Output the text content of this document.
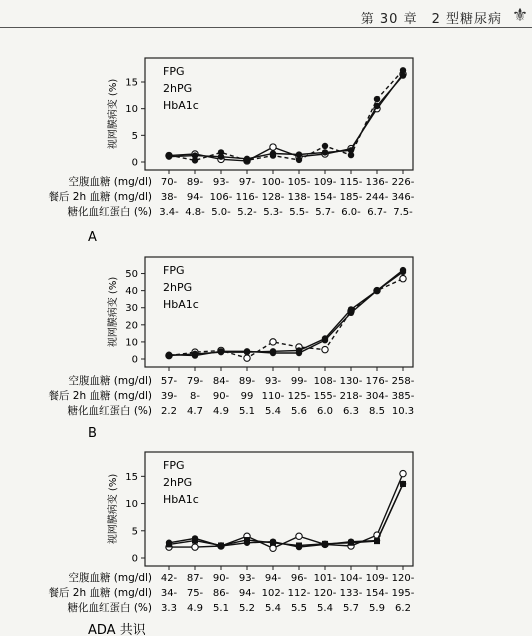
第 30 章　2 型糖尿病 ⚜
0
5
10
15
视网膜病变 (%)
FPG
2hPG
HbA1c
空腹血糖 (mg/dl) 70- 89- 93- 97- 100- 105- 109- 115- 136- 226-
餐后 2h 血糖 (mg/dl) 38- 94- 106- 116- 128- 138- 154- 185- 244- 346-
糖化血红蛋白 (%) 3.4- 4.8- 5.0- 5.2- 5.3- 5.5- 5.7- 6.0- 6.7- 7.5-
A
0
10
20
30
40
50
视网膜病变 (%)
FPG
2hPG
HbA1c
空腹血糖 (mg/dl) 57- 79- 84- 89- 93- 99- 108- 130- 176- 258-
餐后 2h 血糖 (mg/dl) 39- 8- 90- 99 110- 125- 155- 218- 304- 385-
糖化血红蛋白 (%) 2.2 4.7 4.9 5.1 5.4 5.6 6.0 6.3 8.5 10.3
B
0
5
10
15
视网膜病变 (%)
FPG
2hPG
HbA1c
空腹血糖 (mg/dl) 42- 87- 90- 93- 94- 96- 101- 104- 109- 120-
餐后 2h 血糖 (mg/dl) 34- 75- 86- 94- 102- 112- 120- 133- 154- 195-
糖化血红蛋白 (%) 3.3 4.9 5.1 5.2 5.4 5.5 5.4 5.7 5.9 6.2
ADA 共识
